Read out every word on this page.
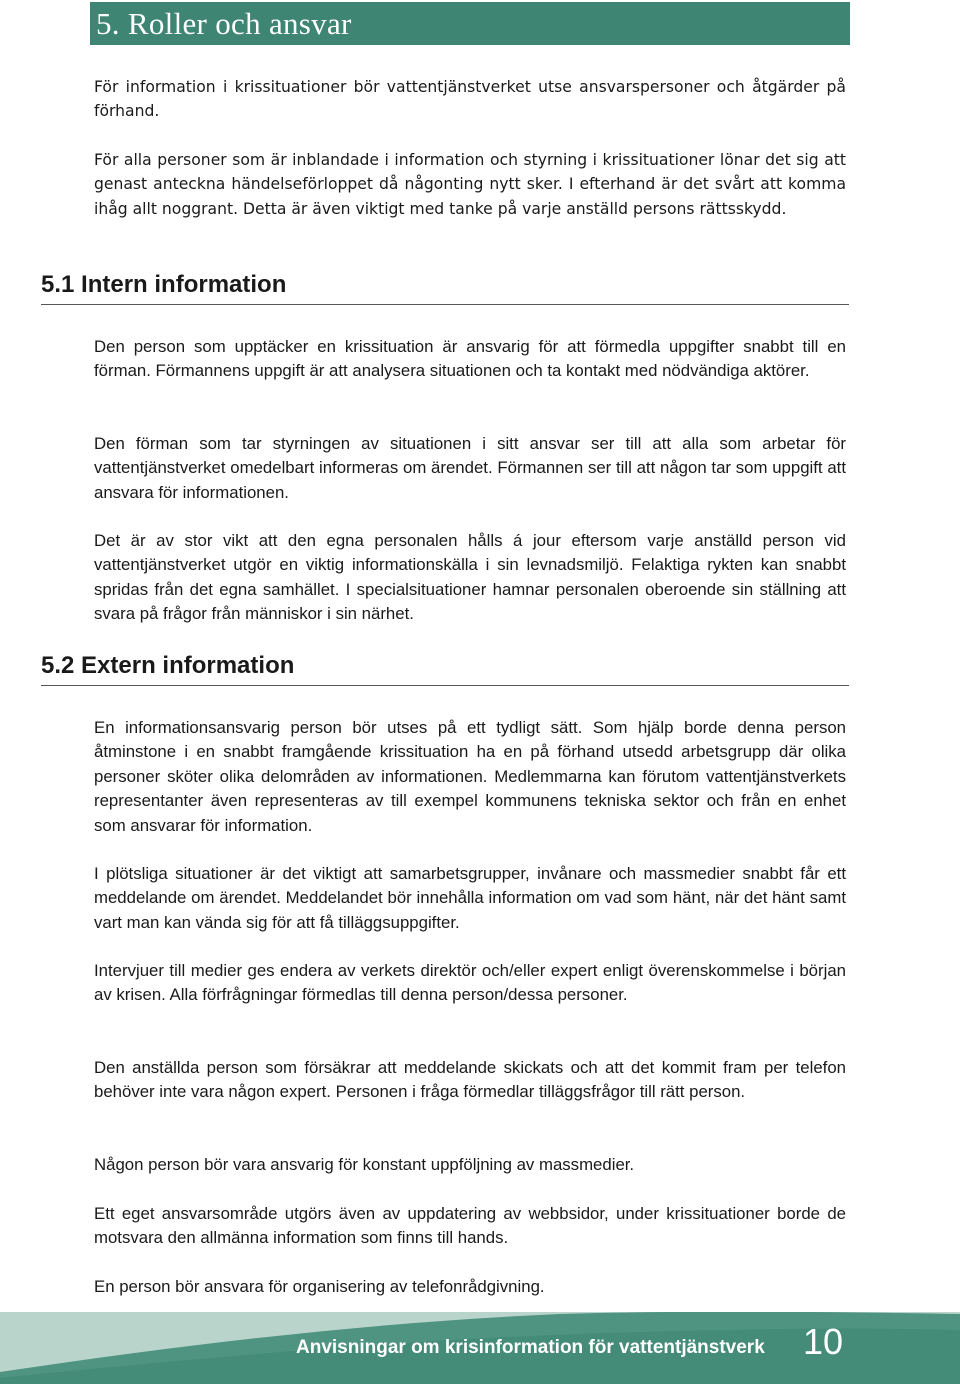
5. Roller och ansvar

För information i krissituationer bör vattentjänstverket utse ansvarspersoner och åtgärder på förhand.

För alla personer som är inblandade i information och styrning i krissituationer lönar det sig att genast anteckna händelseförloppet då någonting nytt sker. I efterhand är det svårt att komma ihåg allt noggrant. Detta är även viktigt med tanke på varje anställd persons rättsskydd.

5.1 Intern information

Den person som upptäcker en krissituation är ansvarig för att förmedla uppgifter snabbt till en förman. Förmannens uppgift är att analysera situationen och ta kontakt med nödvändiga aktörer.

Den förman som tar styrningen av situationen i sitt ansvar ser till att alla som arbetar för vattentjänstverket omedelbart informeras om ärendet. Förmannen ser till att någon tar som uppgift att ansvara för informationen.

Det är av stor vikt att den egna personalen hålls á jour eftersom varje anställd person vid vattentjänstverket utgör en viktig informationskälla i sin levnadsmiljö. Felaktiga rykten kan snabbt spridas från det egna samhället. I specialsituationer hamnar personalen oberoende sin ställning att svara på frågor från människor i sin närhet.

5.2 Extern information

En informationsansvarig person bör utses på ett tydligt sätt. Som hjälp borde denna person åtminstone i en snabbt framgående krissituation ha en på förhand utsedd arbetsgrupp där olika personer sköter olika delområden av informationen. Medlemmarna kan förutom vattentjänstverkets representanter även representeras av till exempel kommunens tekniska sektor och från en enhet som ansvarar för information.

I plötsliga situationer är det viktigt att samarbetsgrupper, invånare och massmedier snabbt får ett meddelande om ärendet. Meddelandet bör innehålla information om vad som hänt, när det hänt samt vart man kan vända sig för att få tilläggsuppgifter.

Intervjuer till medier ges endera av verkets direktör och/eller expert enligt överenskommelse i början av krisen. Alla förfrågningar förmedlas till denna person/dessa personer.

Den anställda person som försäkrar att meddelande skickats och att det kommit fram per telefon behöver inte vara någon expert. Personen i fråga förmedlar tilläggsfrågor till rätt person.

Någon person bör vara ansvarig för konstant uppföljning av massmedier.

Ett eget ansvarsområde utgörs även av uppdatering av webbsidor, under krissituationer borde de motsvara den allmänna information som finns till hands.

En person bör ansvara för organisering av telefonrådgivning.

Anvisningar om krisinformation för vattentjänstverk 10
